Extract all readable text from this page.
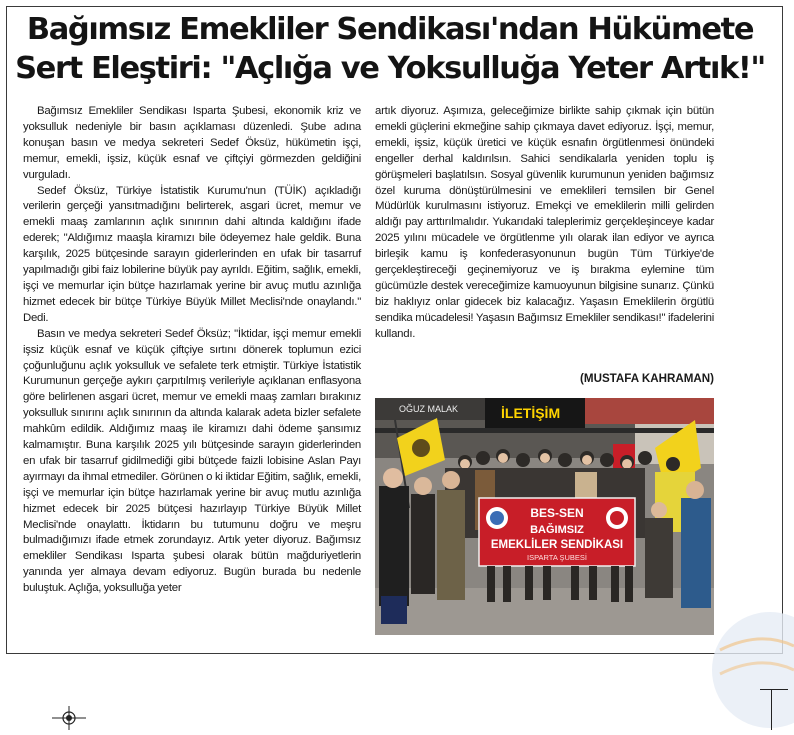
Bağımsız Emekliler Sendikası'ndan Hükümete Sert Eleştiri: "Açlığa ve Yoksulluğa Yeter Artık!"

Bağımsız Emekliler Sendikası Isparta Şubesi, ekonomik kriz ve yoksulluk nedeniyle bir basın açıklaması düzenledi. Şube adına konuşan basın ve medya sekreteri Sedef Öksüz, hükümetin işçi, memur, emekli, işsiz, küçük esnaf ve çiftçiyi görmezden geldiğini vurguladı.

Sedef Öksüz, Türkiye İstatistik Kurumu'nun (TÜİK) açıkladığı verilerin gerçeği yansıtmadığını belirterek, asgari ücret, memur ve emekli maaş zamlarının açlık sınırının dahi altında kaldığını ifade ederek; "Aldığımız maaşla kiramızı bile ödeyemez hale geldik. Buna karşılık, 2025 bütçesinde sarayın giderlerinden en ufak bir tasarruf yapılmadığı gibi faiz lobilerine büyük pay ayrıldı. Eğitim, sağlık, emekli, işçi ve memurlar için bütçe hazırlamak yerine bir avuç mutlu azınlığa hizmet edecek bir bütçe Türkiye Büyük Millet Meclisi'nde onaylandı." Dedi.

Basın ve medya sekreteri Sedef Öksüz; "İktidar, işçi memur emekli işsiz küçük esnaf ve küçük çiftçiye sırtını dönerek toplumun ezici çoğunluğunu açlık yoksulluk ve sefalete terk etmiştir. Türkiye İstatistik Kurumunun gerçeğe aykırı çarpıtılmış verileriyle açıklanan enflasyona göre belirlenen asgari ücret, memur ve emekli maaş zamları bırakınız yoksulluk sınırını açlık sınırının da altında kalarak adeta bizler sefalete mahkûm edildik. Aldığımız maaş ile kiramızı dahi ödeme şansımız kalmamıştır. Buna karşılık 2025 yılı bütçesinde sarayın giderlerinden en ufak bir tasarruf gidilmediği gibi bütçede faizli lobisine Aslan Payı ayırmayı da ihmal etmediler. Görünen o ki iktidar Eğitim, sağlık, emekli, işçi ve memurlar için bütçe hazırlamak yerine bir avuç mutlu azınlığa hizmet edecek bir 2025 bütçesi hazırlayıp Türkiye Büyük Millet Meclisi'nde onaylattı. İktidarın bu tutumunu doğru ve meşru bulmadığımızı ifade etmek zorundayız. Artık yeter diyoruz. Bağımsız emekliler Sendikası Isparta şubesi olarak bütün mağduriyetlerin yanında yer almaya devam ediyoruz. Bugün burada bu nedenle buluştuk. Açlığa, yoksulluğa yeter

artık diyoruz. Aşımıza, geleceğimize birlikte sahip çıkmak için bütün emekli güçlerini ekmeğine sahip çıkmaya davet ediyoruz. İşçi, memur, emekli, işsiz, küçük üretici ve küçük esnafın örgütlenmesi önündeki engeller derhal kaldırılsın. Sahici sendikalarla yeniden toplu iş görüşmeleri başlatılsın. Sosyal güvenlik kurumunun yeniden bağımsız özel kuruma dönüştürülmesini ve emeklileri temsilen bir Genel Müdürlük kurulmasını istiyoruz. Emekçi ve emeklilerin milli gelirden aldığı pay arttırılmalıdır. Yukarıdaki taleplerimiz gerçekleşinceye kadar 2025 yılını mücadele ve örgütlenme yılı olarak ilan ediyor ve ayrıca birleşik kamu iş konfederasyonunun bugün Tüm Türkiye'de gerçekleştireceği geçinemiyoruz ve iş bırakma eylemine tüm gücümüzle destek vereceğimize kamuoyunun bilgisine sunarız. Çünkü biz haklıyız onlar gidecek biz kalacağız. Yaşasın Emeklilerin örgütlü sendika mücadelesi! Yaşasın Bağımsız Emekliler sendikası!" ifadelerini kullandı.

(MUSTAFA KAHRAMAN)
OĞUZ MALAK	İLETİŞİM
BES-SEN
BAĞIMSIZ
EMEKLİLER SENDİKASI
ISPARTA ŞUBESİ
